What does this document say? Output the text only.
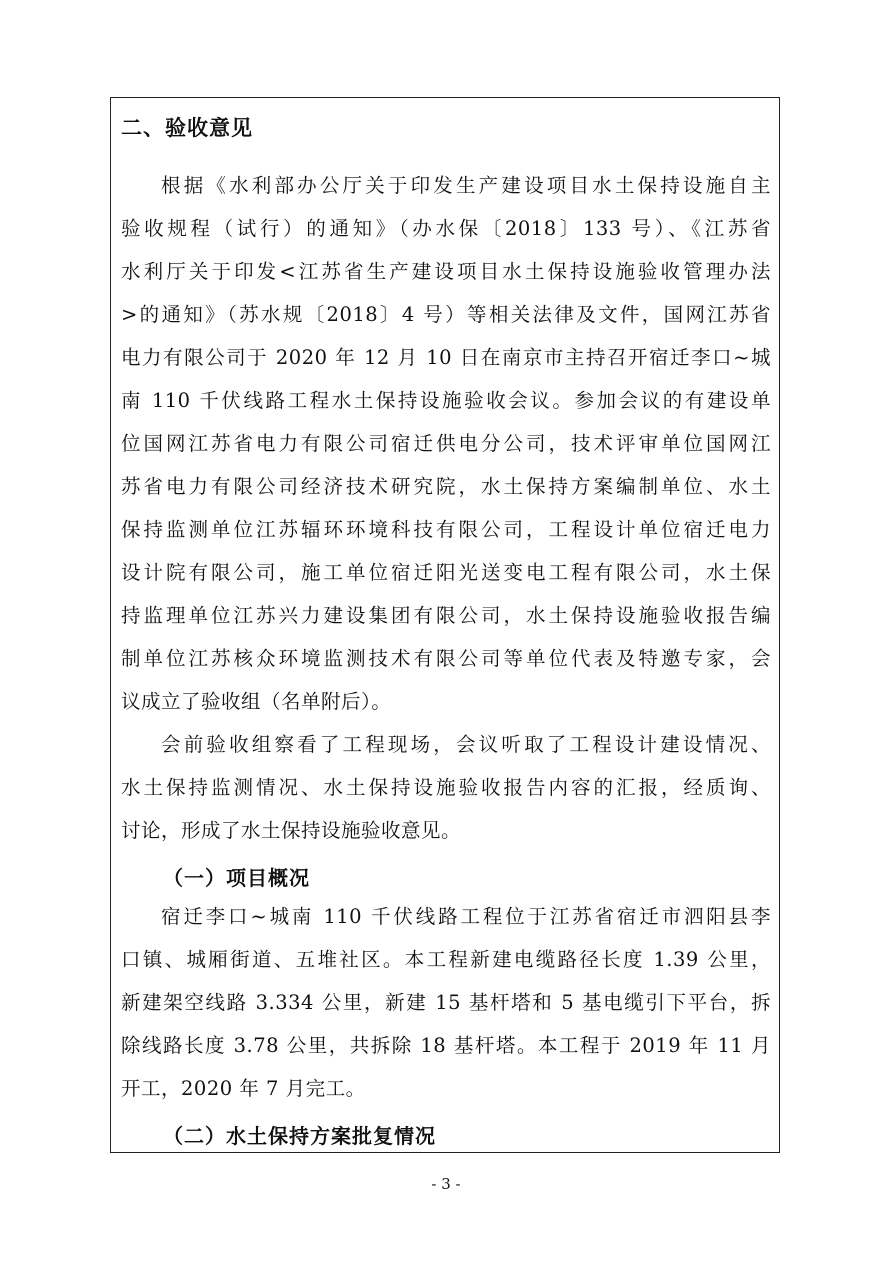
二、验收意见
根据《水利部办公厅关于印发生产建设项目水土保持设施自主
验收规程（试行）的通知》（办水保〔2018〕133 号）、《江苏省
水利厅关于印发<江苏省生产建设项目水土保持设施验收管理办法
>的通知》（苏水规〔2018〕4 号）等相关法律及文件，国网江苏省
电力有限公司于 2020 年 12 月 10 日在南京市主持召开宿迁李口~城
南 110 千伏线路工程水土保持设施验收会议。参加会议的有建设单
位国网江苏省电力有限公司宿迁供电分公司，技术评审单位国网江
苏省电力有限公司经济技术研究院，水土保持方案编制单位、水土
保持监测单位江苏辐环环境科技有限公司，工程设计单位宿迁电力
设计院有限公司，施工单位宿迁阳光送变电工程有限公司，水土保
持监理单位江苏兴力建设集团有限公司，水土保持设施验收报告编
制单位江苏核众环境监测技术有限公司等单位代表及特邀专家，会
议成立了验收组（名单附后）。
会前验收组察看了工程现场，会议听取了工程设计建设情况、
水土保持监测情况、水土保持设施验收报告内容的汇报，经质询、
讨论，形成了水土保持设施验收意见。
（一）项目概况
宿迁李口~城南 110 千伏线路工程位于江苏省宿迁市泗阳县李
口镇、城厢街道、五堆社区。本工程新建电缆路径长度 1.39 公里，
新建架空线路 3.334 公里，新建 15 基杆塔和 5 基电缆引下平台，拆
除线路长度 3.78 公里，共拆除 18 基杆塔。本工程于 2019 年 11 月
开工，2020 年 7 月完工。
（二）水土保持方案批复情况
- 3 -
